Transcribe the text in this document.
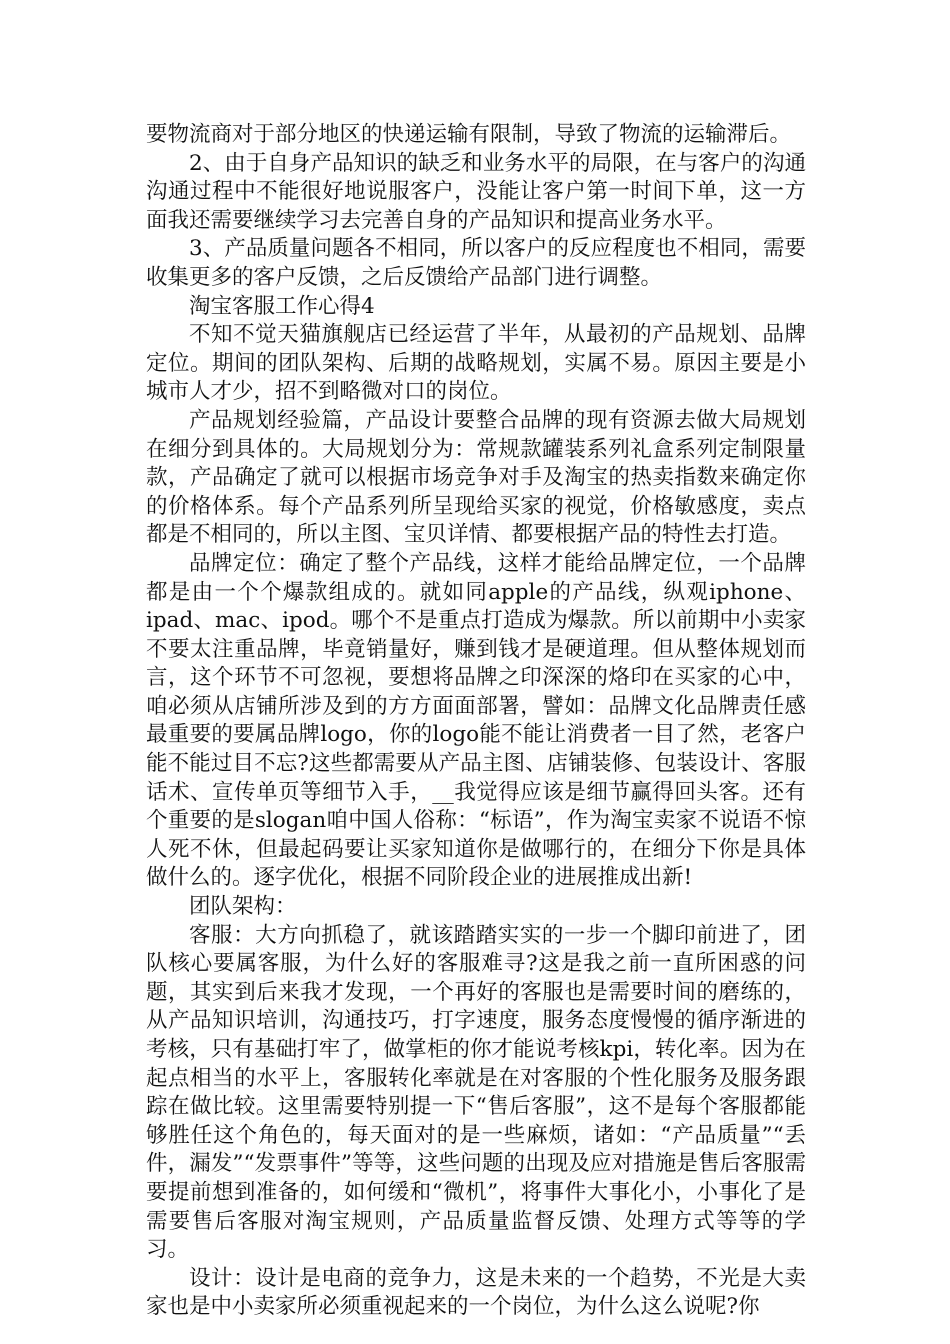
要物流商对于部分地区的快递运输有限制，导致了物流的运输滞后。

2、由于自身产品知识的缺乏和业务水平的局限，在与客户的沟通沟通过程中不能很好地说服客户，没能让客户第一时间下单，这一方面我还需要继续学习去完善自身的产品知识和提高业务水平。

3、产品质量问题各不相同，所以客户的反应程度也不相同，需要收集更多的客户反馈，之后反馈给产品部门进行调整。

淘宝客服工作心得4

不知不觉天猫旗舰店已经运营了半年，从最初的产品规划、品牌定位。期间的团队架构、后期的战略规划，实属不易。原因主要是小城市人才少，招不到略微对口的岗位。

产品规划经验篇，产品设计要整合品牌的现有资源去做大局规划在细分到具体的。大局规划分为：常规款罐装系列礼盒系列定制限量款，产品确定了就可以根据市场竞争对手及淘宝的热卖指数来确定你的价格体系。每个产品系列所呈现给买家的视觉，价格敏感度，卖点都是不相同的，所以主图、宝贝详情、都要根据产品的特性去打造。

品牌定位：确定了整个产品线，这样才能给品牌定位，一个品牌都是由一个个爆款组成的。就如同apple的产品线，纵观iphone、ipad、mac、ipod。哪个不是重点打造成为爆款。所以前期中小卖家不要太注重品牌，毕竟销量好，赚到钱才是硬道理。但从整体规划而言，这个环节不可忽视，要想将品牌之印深深的烙印在买家的心中，咱必须从店铺所涉及到的方方面面部署，譬如：品牌文化品牌责任感最重要的要属品牌logo，你的logo能不能让消费者一目了然，老客户能不能过目不忘?这些都需要从产品主图、店铺装修、包装设计、客服话术、宣传单页等细节入手，__我觉得应该是细节赢得回头客。还有个重要的是slogan咱中国人俗称：“标语”，作为淘宝卖家不说语不惊人死不休，但最起码要让买家知道你是做哪行的，在细分下你是具体做什么的。逐字优化，根据不同阶段企业的进展推成出新!

团队架构：

客服：大方向抓稳了，就该踏踏实实的一步一个脚印前进了，团队核心要属客服，为什么好的客服难寻?这是我之前一直所困惑的问题，其实到后来我才发现，一个再好的客服也是需要时间的磨练的，从产品知识培训，沟通技巧，打字速度，服务态度慢慢的循序渐进的考核，只有基础打牢了，做掌柜的你才能说考核kpi，转化率。因为在起点相当的水平上，客服转化率就是在对客服的个性化服务及服务跟踪在做比较。这里需要特别提一下“售后客服”，这不是每个客服都能够胜任这个角色的，每天面对的是一些麻烦，诸如：“产品质量”“丢件，漏发”“发票事件”等等，这些问题的出现及应对措施是售后客服需要提前想到准备的，如何缓和“微机”，将事件大事化小，小事化了是需要售后客服对淘宝规则，产品质量监督反馈、处理方式等等的学习。

设计：设计是电商的竞争力，这是未来的一个趋势，不光是大卖家也是中小卖家所必须重视起来的一个岗位，为什么这么说呢?你
